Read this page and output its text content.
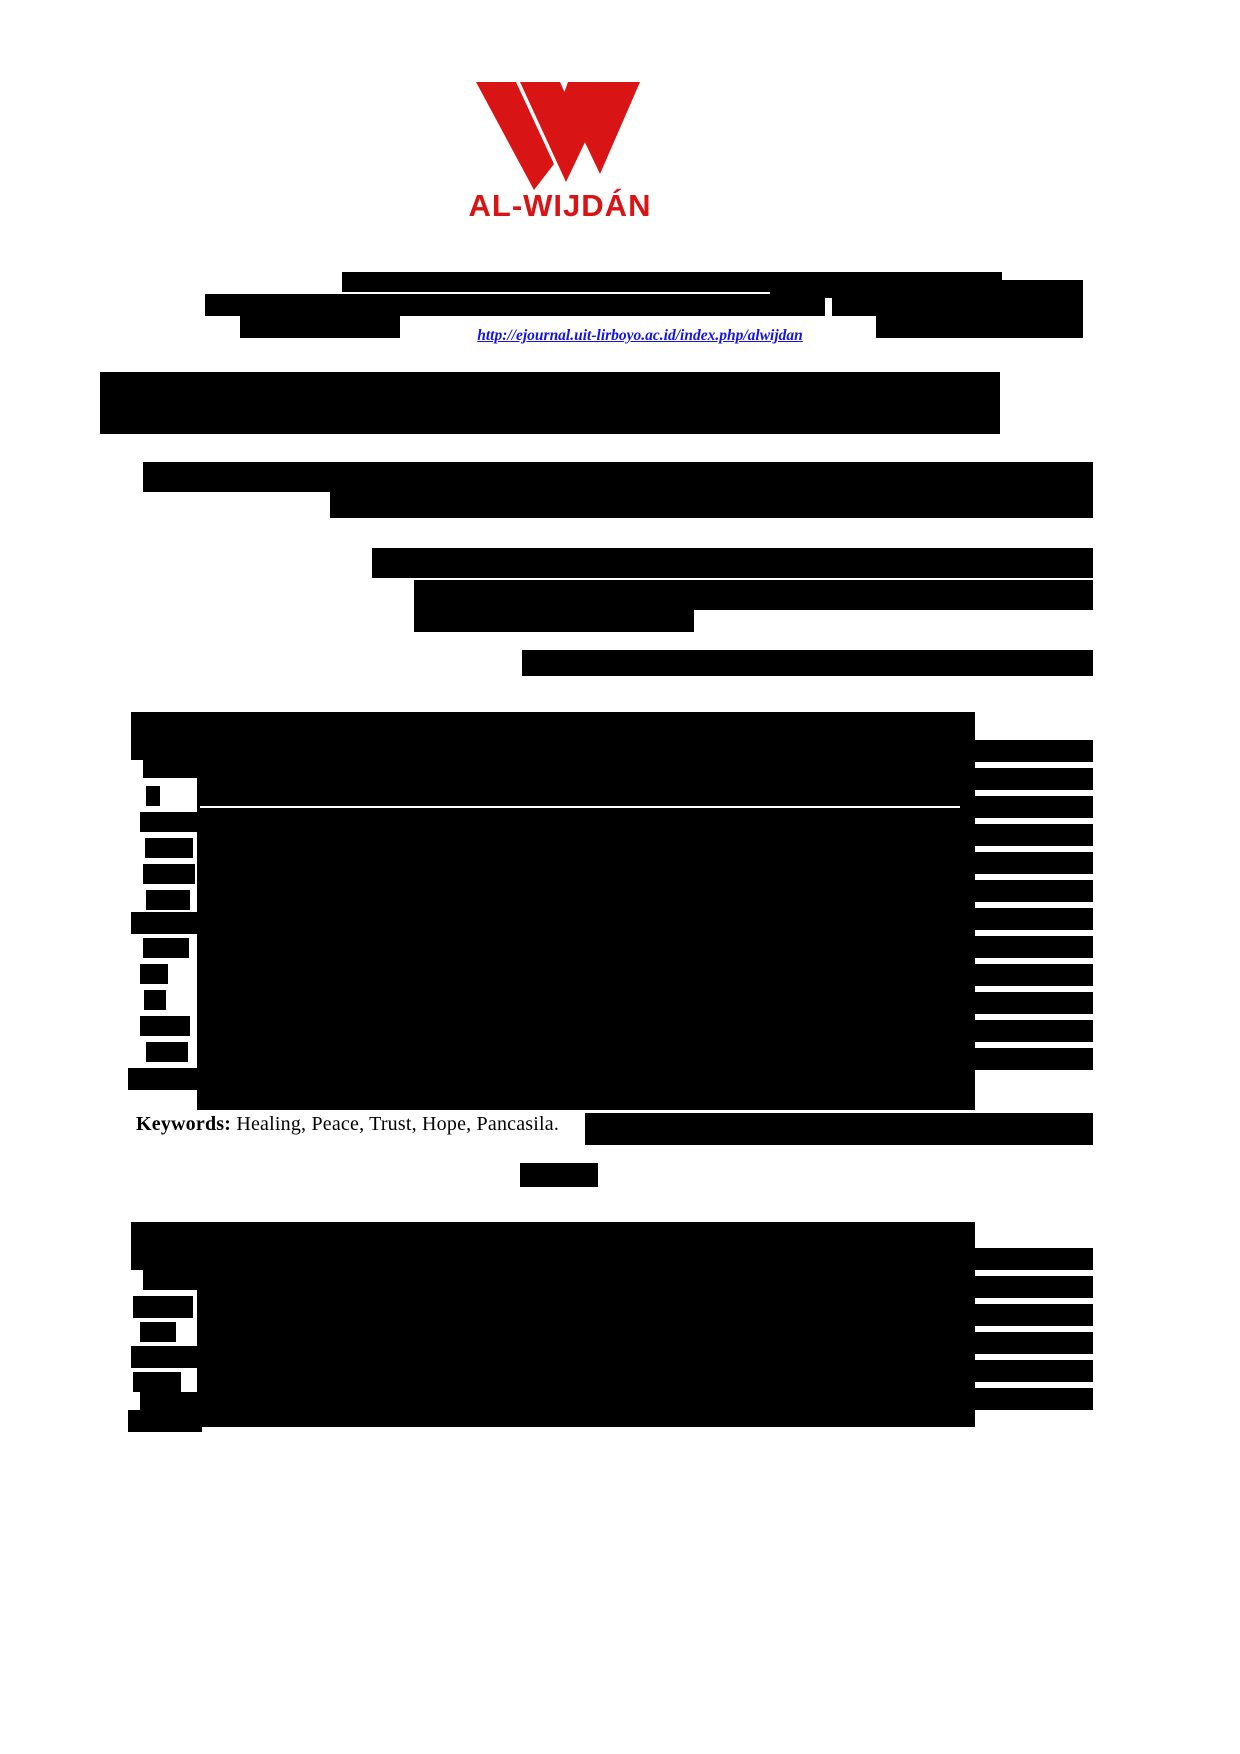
AL-WIJDÁN
http://ejournal.uit-lirboyo.ac.id/index.php/alwijdan
Keywords: Healing, Peace, Trust, Hope, Pancasila.
